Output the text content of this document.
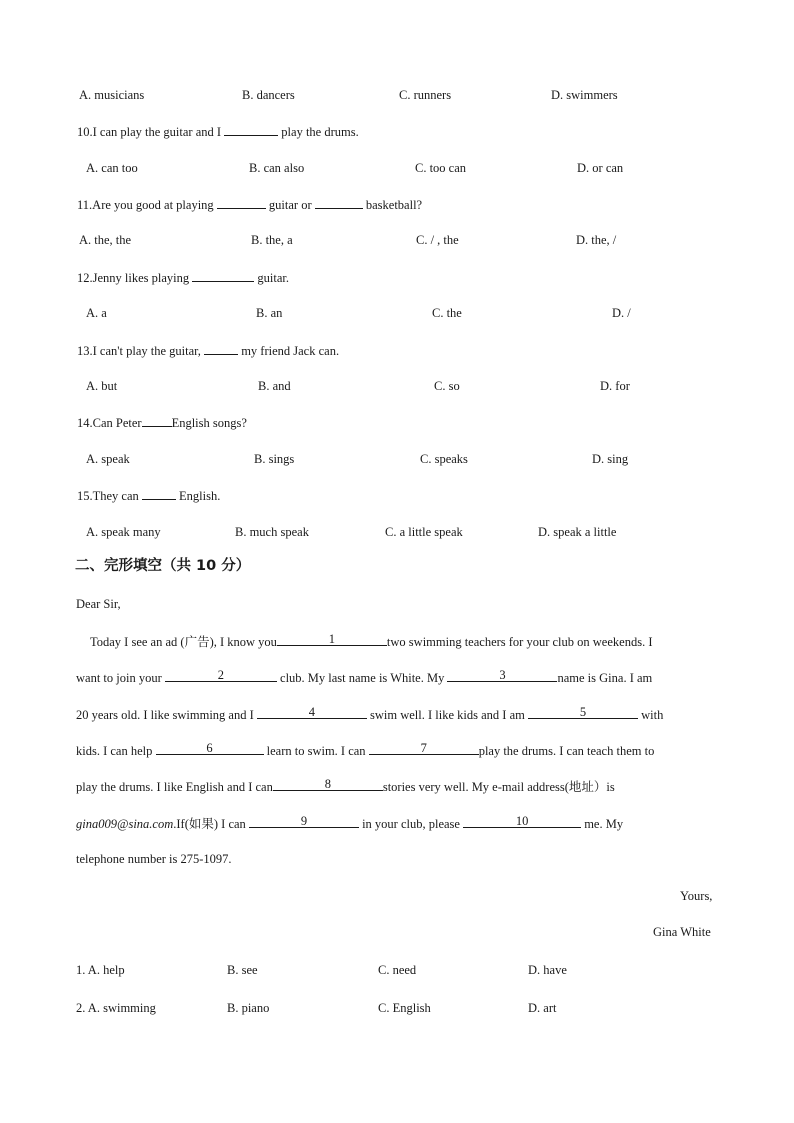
A. musicians	B. dancers	C. runners	D. swimmers
10.I can play the guitar and I	play the drums.
A. can too	B. can also	C. too can	D. or can
11.Are you good at playing	guitar or	basketball?
A. the, the	B. the, a	C. / , the	D. the, /
12.Jenny likes playing	guitar.
A. a	B. an	C. the	D. /
13.I can't play the guitar,	my friend Jack can.
A. but	B. and	C. so	D. for
14.Can Peter English songs?
A. speak	B. sings	C. speaks	D. sing
15.They can	English.
A. speak many	B. much speak	C. a little speak	D. speak a little
二、完形填空（共 10 分）
Dear Sir,
Today I see an ad (广告), I know you	1	two swimming teachers for your club on weekends. I
want to join your	2	club. My last name is White. My	3	name is Gina. I am
20 years old. I like swimming and I	4	swim well. I like kids and I am	5	with
kids. I can help	6	learn to swim. I can	7	play the drums. I can teach them to
play the drums. I like English and I can	8	stories very well. My e-mail address(地址）is
gina009@sina.com.If(如果) I can	9	in your club, please	10	me. My
telephone number is 275-1097.
Yours,
Gina White
1. A. help	B. see	C. need	D. have
2. A. swimming	B. piano	C. English	D. art
